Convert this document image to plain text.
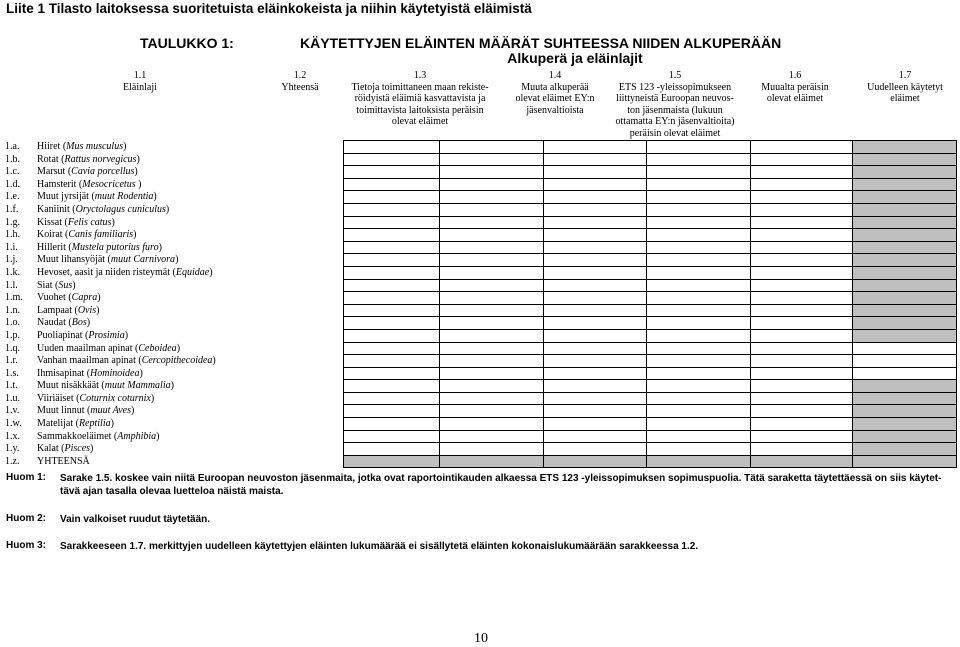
Liite 1 Tilasto laitoksessa suoritetuista eläinkokeista ja niihin käytetyistä eläimistä
TAULUKKO 1:	KÄYTETTYJEN ELÄINTEN MÄÄRÄT SUHTEESSA NIIDEN ALKUPERÄÄN
Alkuperä ja eläinlajit
1.1
Eläinlaji
1.2
Yhteensä
1.3
Tietoja toimittaneen maan rekiste-
röidyistä eläimiä kasvattavista ja
toimittavista laitoksista peräisin
olevat eläimet
1.4
Muuta alkuperää
olevat eläimet EY:n
jäsenvaltioista
1.5
ETS 123 -yleissopimukseen
liittyneistä Euroopan neuvos-
ton jäsenmaista (lukuun
ottamatta EY:n jäsenvaltioita)
peräisin olevat eläimet
1.6
Muualta peräisin
olevat eläimet
1.7
Uudelleen käytetyt
eläimet
1.a.	Hiiret (Mus musculus)						
1.b.	Rotat (Rattus norvegicus)						
1.c.	Marsut (Cavia porcellus)						
1.d.	Hamsterit (Mesocricetus )						
1.e.	Muut jyrsijät (muut Rodentia)						
1.f.	Kaniinit (Oryctolagus cuniculus)						
1.g.	Kissat (Felis catus)						
1.h.	Koirat (Canis familiaris)						
1.i.	Hillerit (Mustela putorius furo)						
1.j.	Muut lihansyöjät (muut Carnivora)						
1.k.	Hevoset, aasit ja niiden risteymät (Equidae)						
1.l.	Siat (Sus)						
1.m.	Vuohet (Capra)						
1.n.	Lampaat (Ovis)						
1.o.	Naudat (Bos)						
1.p.	Puoliapinat (Prosimia)						
1.q.	Uuden maailman apinat (Ceboidea)						
1.r.	Vanhan maailman apinat (Cercopithecoidea)						
1.s.	Ihmisapinat (Hominoidea)						
1.t.	Muut nisäkkäät (muut Mammalia)						
1.u.	Viiriäiset (Coturnix coturnix)						
1.v.	Muut linnut (muut Aves)						
1.w.	Matelijat (Reptilia)						
1.x.	Sammakkoeläimet (Amphibia)						
1.y.	Kalat (Pisces)						
1.z.	YHTEENSÄ						
Huom 1:	Sarake 1.5. koskee vain niitä Euroopan neuvoston jäsenmaita, jotka ovat raportointikauden alkaessa ETS 123 -yleissopimuksen sopimuspuolia. Tätä saraketta täytettäessä on siis käytet-
tävä ajan tasalla olevaa luetteloa näistä maista.
Huom 2:	Vain valkoiset ruudut täytetään.
Huom 3:	Sarakkeeseen 1.7. merkittyjen uudelleen käytettyjen eläinten lukumäärää ei sisällytetä eläinten kokonaislukumäärään sarakkeessa 1.2.
10
